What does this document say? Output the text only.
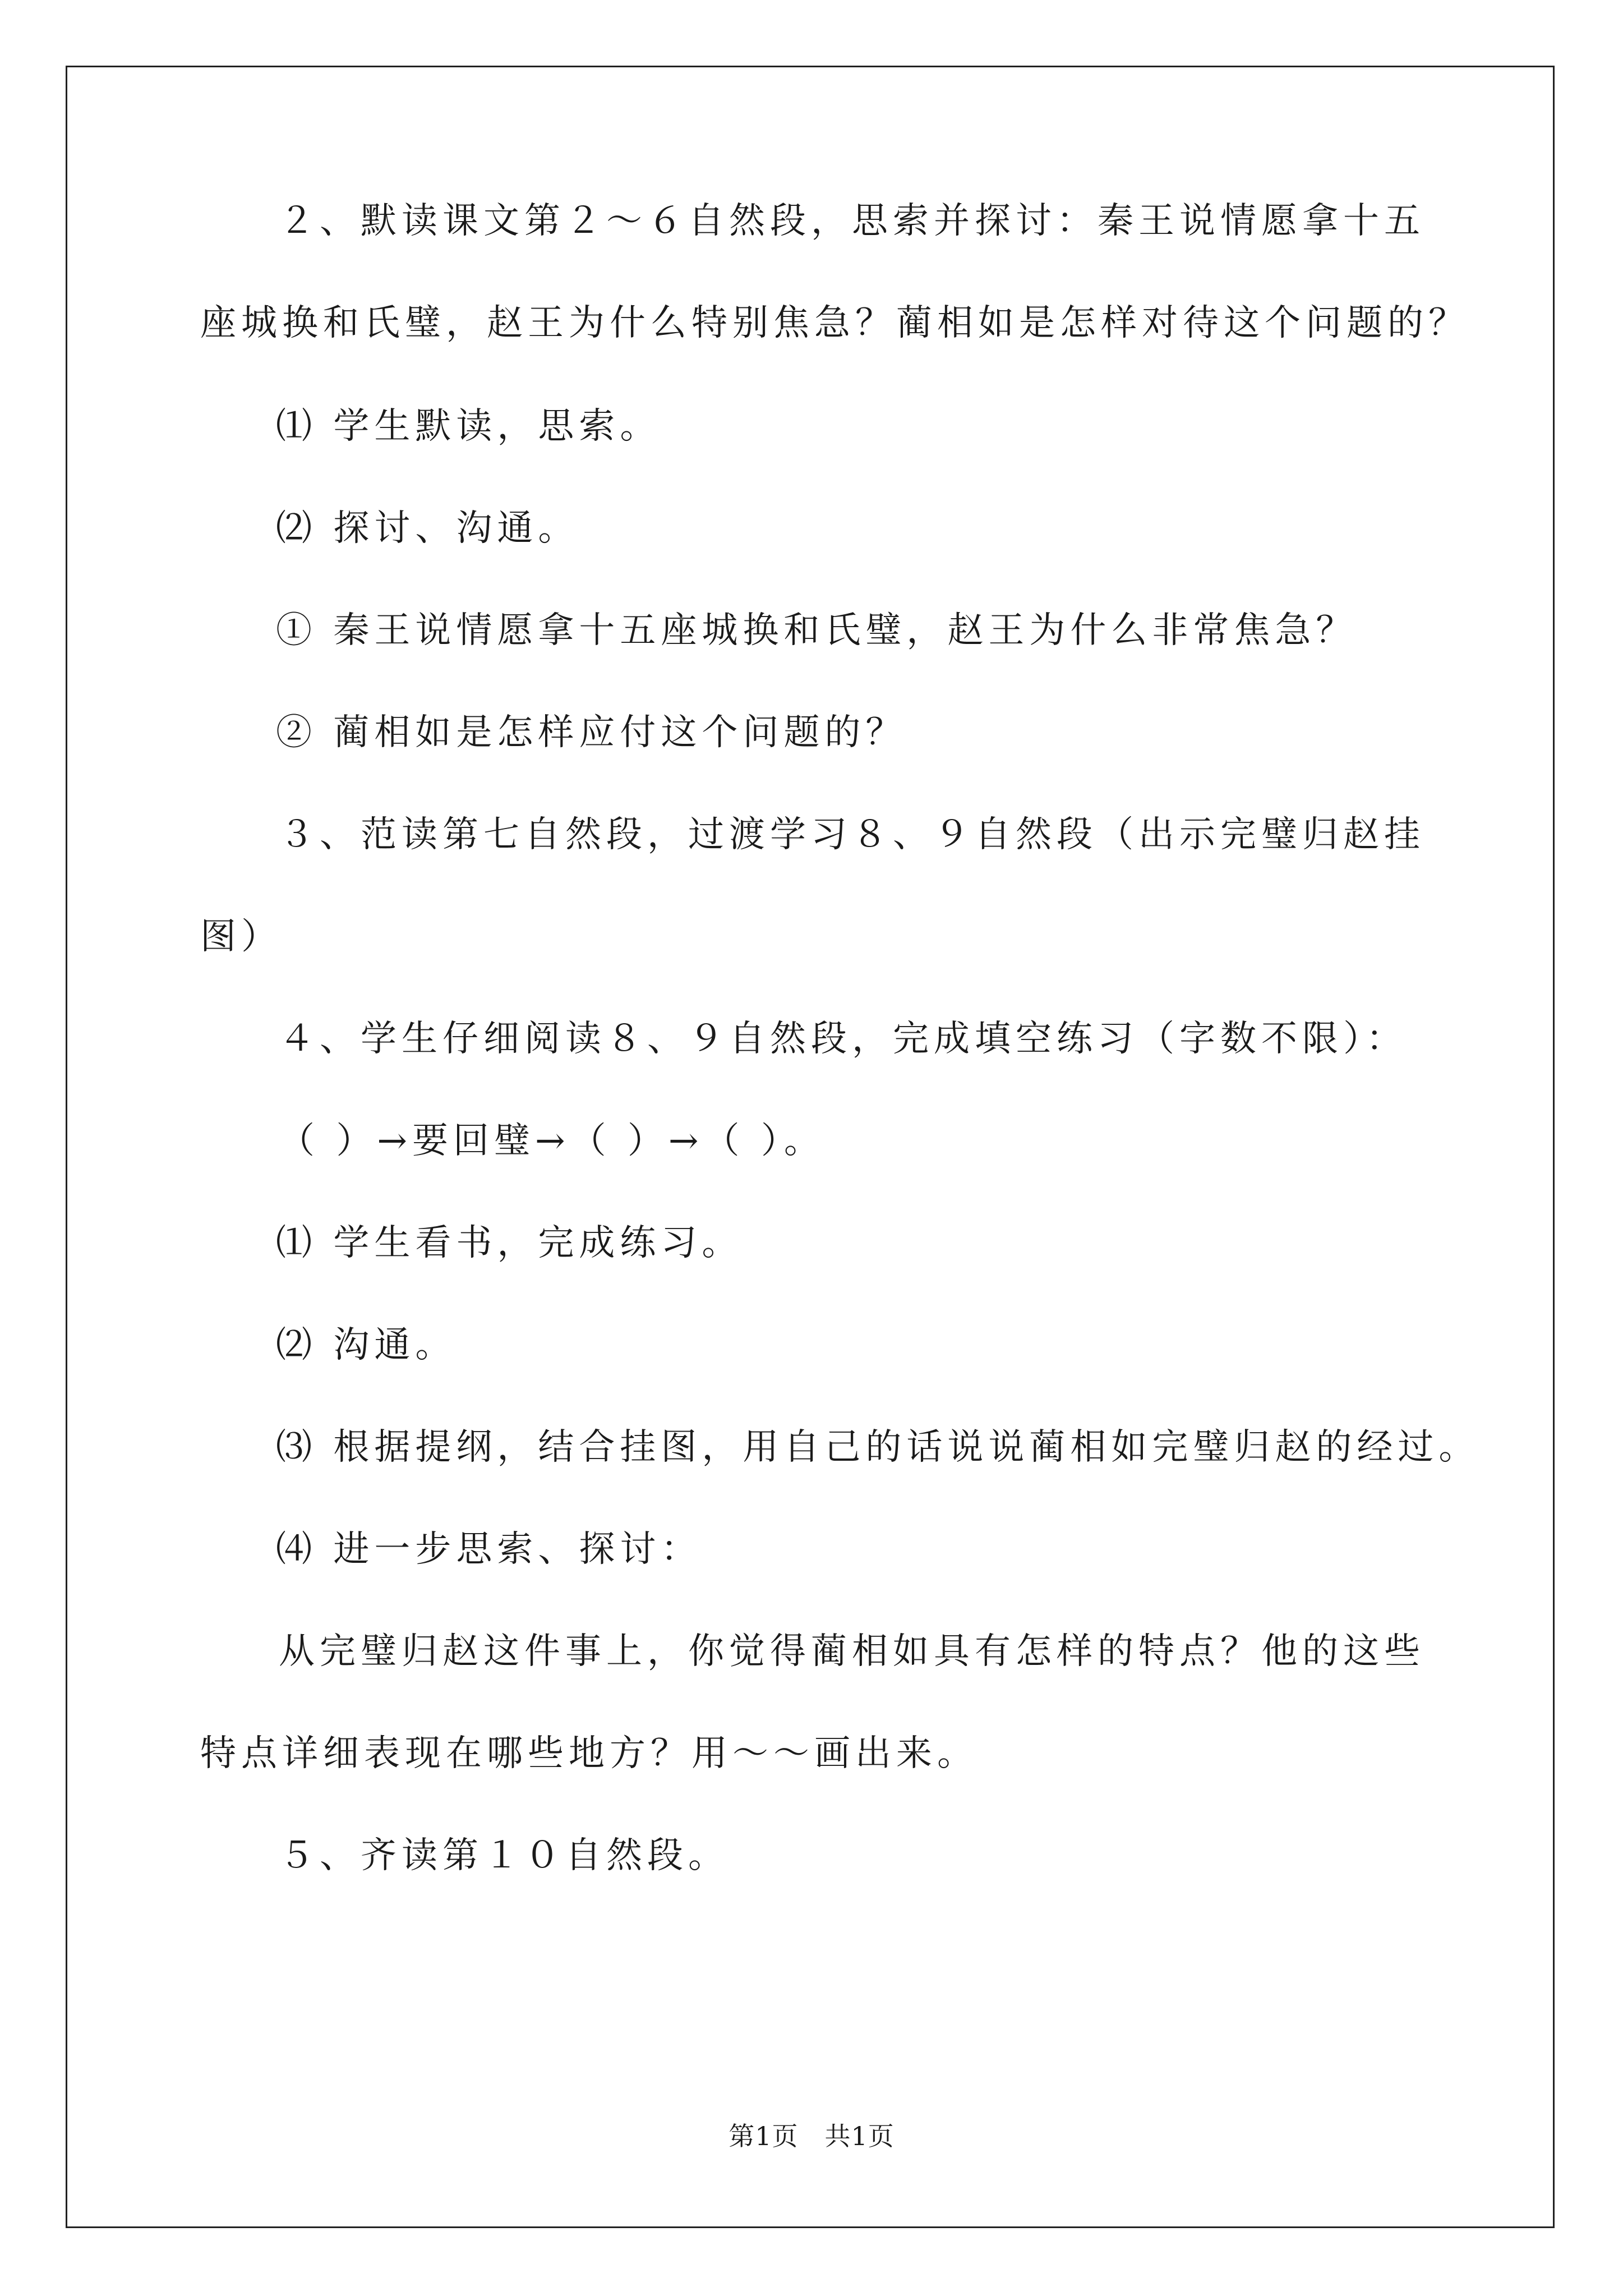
２、默读课文第２～６自然段，思索并探讨：秦王说情愿拿十五
座城换和氏璧，赵王为什么特别焦急？蔺相如是怎样对待这个问题的？
⑴ 学生默读，思索。
⑵ 探讨、沟通。
① 秦王说情愿拿十五座城换和氏璧，赵王为什么非常焦急？
② 蔺相如是怎样应付这个问题的？
３、范读第七自然段，过渡学习８、９自然段（出示完璧归赵挂
图）
４、学生仔细阅读８、９自然段，完成填空练习（字数不限）：
（ ）→要回璧→（ ）→（ ）。
⑴ 学生看书，完成练习。
⑵ 沟通。
⑶ 根据提纲，结合挂图，用自己的话说说蔺相如完璧归赵的经过。
⑷ 进一步思索、探讨：
从完璧归赵这件事上，你觉得蔺相如具有怎样的特点？他的这些
特点详细表现在哪些地方？用～～画出来。
５、齐读第１０自然段。
第1页　共1页
